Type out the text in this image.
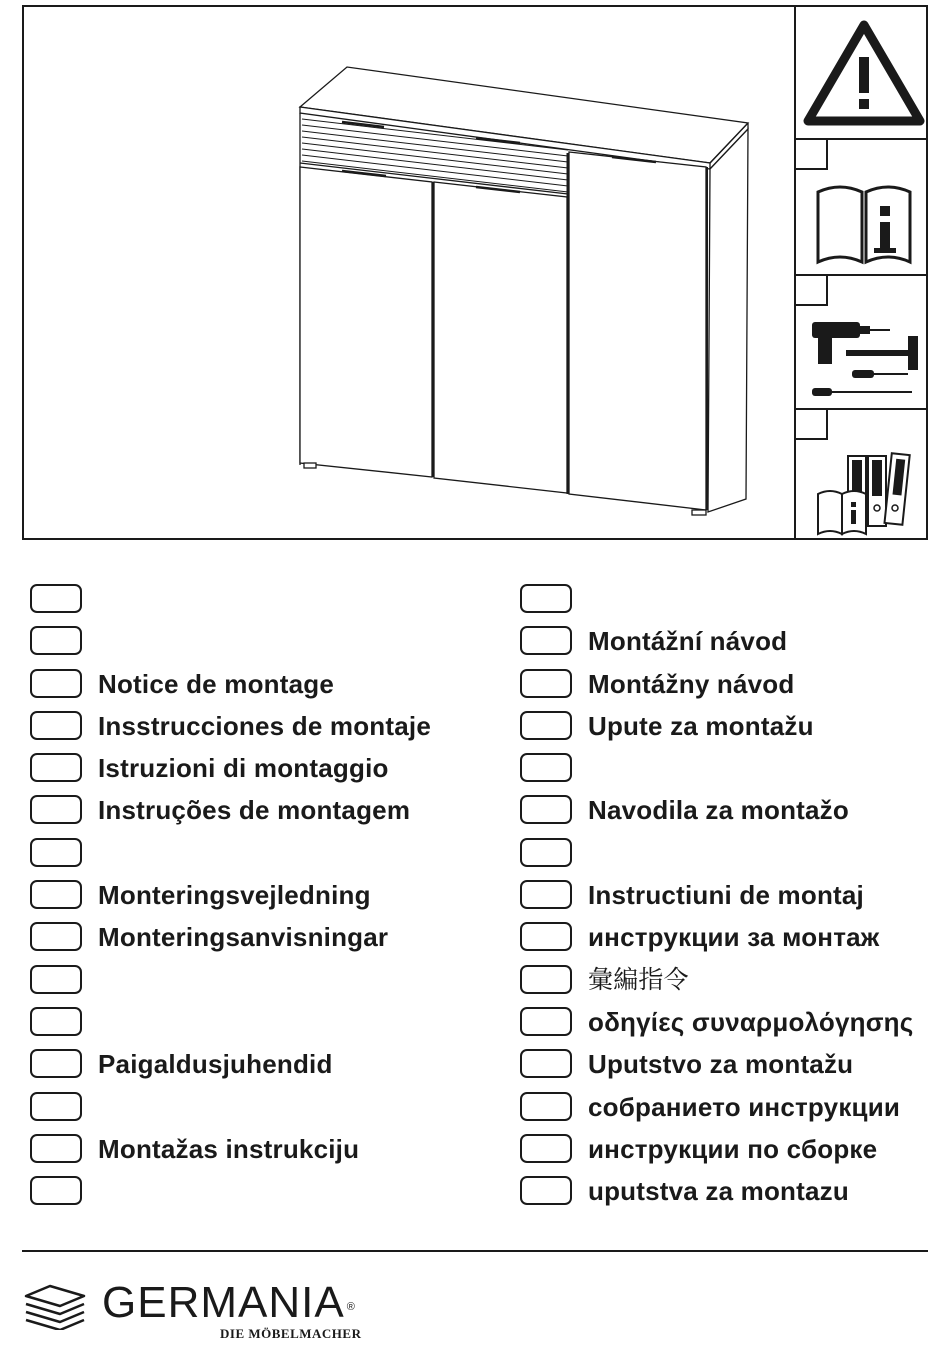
Notice de montage
Insstrucciones de montaje
Istruzioni di montaggio
Instruções de montagem
Monteringsvejledning
Monteringsanvisningar
Paigaldusjuhendid
Montažas instrukciju
Montážní návod
Montážny návod
Upute za montažu
Navodila za montažo
Instructiuni de montaj
инструкции за монтаж
彙編指令
οδηγίες συναρμολόγησης
Uputstvo za montažu
собранието инструкции
инструкции по сборке
uputstva za montazu
GERMANIA ®
DIE MÖBELMACHER
